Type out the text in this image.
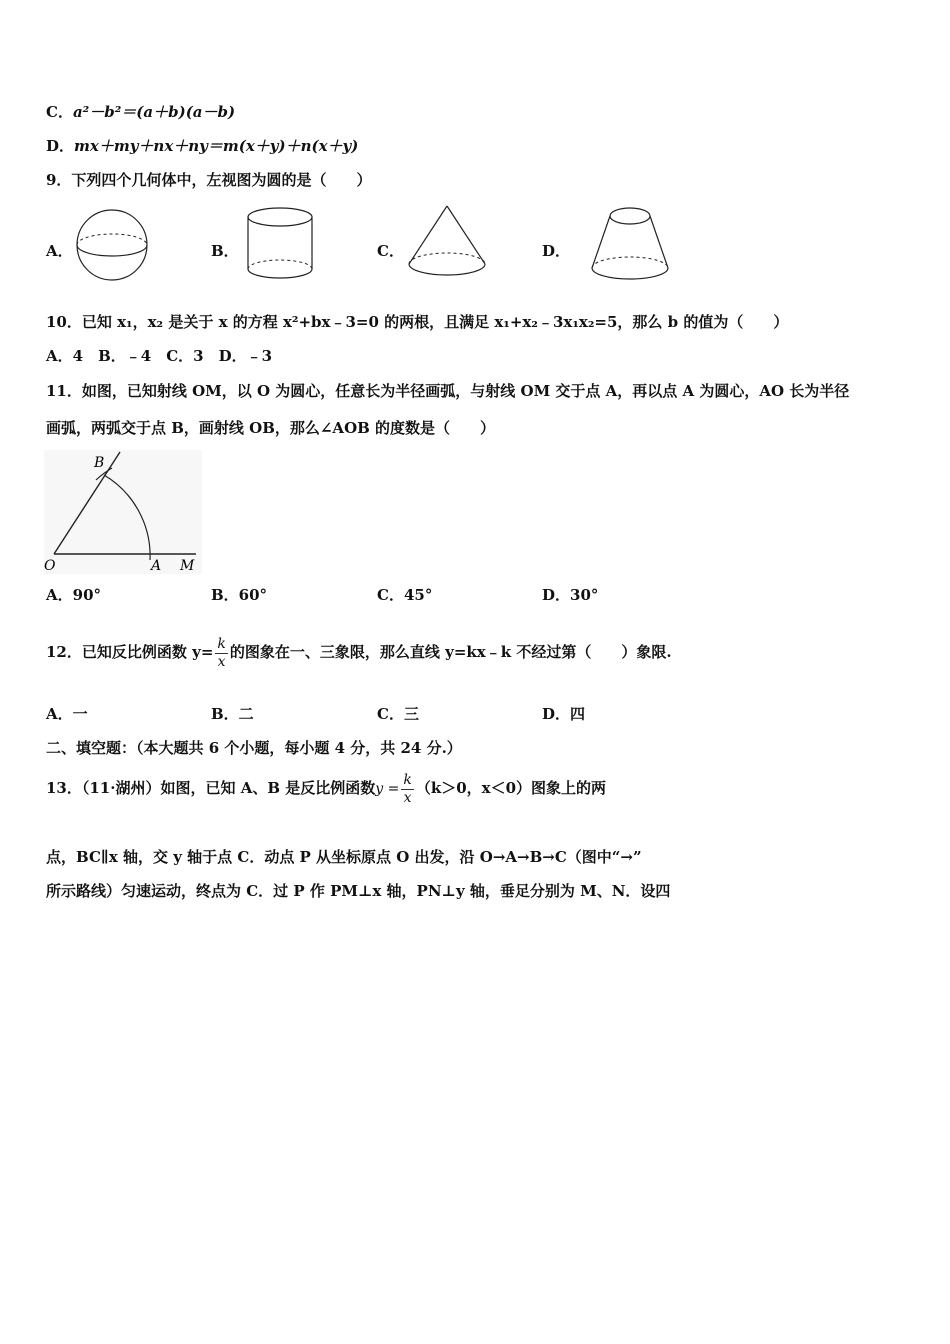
C．a²－b²＝(a＋b)(a－b)
D．mx＋my＋nx＋ny＝m(x＋y)＋n(x＋y)
9．下列四个几何体中，左视图为圆的是（　　）
A．	B．	C．	D．
10．已知 x₁，x₂ 是关于 x 的方程 x²+bx﹣3=0 的两根，且满足 x₁+x₂﹣3x₁x₂=5，那么 b 的值为（　　）
A．4　B．﹣4　C．3　D．﹣3
11．如图，已知射线 OM，以 O 为圆心，任意长为半径画弧，与射线 OM 交于点 A，再以点 A 为圆心，AO 长为半径
画弧，两弧交于点 B，画射线 OB，那么∠AOB 的度数是（　　）
B
O	A M
A．90°	B．60°	C．45°	D．30°
12．已知反比例函数 $y= \frac{k}{x}$ 的图象在一、三象限，那么直线 y=kx﹣k 不经过第（　　）象限.
A．一	B．二	C．三	D．四
二、填空题：（本大题共 6 个小题，每小题 4 分，共 24 分.）
13．（11·湖州）如图，已知 A、B 是反比例函数$y = \frac{k}{x} (k>0$，x＜0）图象上的两
点，BC∥x 轴，交 y 轴于点 C．动点 P 从坐标原点 O 出发，沿 O→A→B→C（图中“→”
所示路线）匀速运动，终点为 C．过 P 作 PM⊥x 轴，PN⊥y 轴，垂足分别为 M、N．设四
